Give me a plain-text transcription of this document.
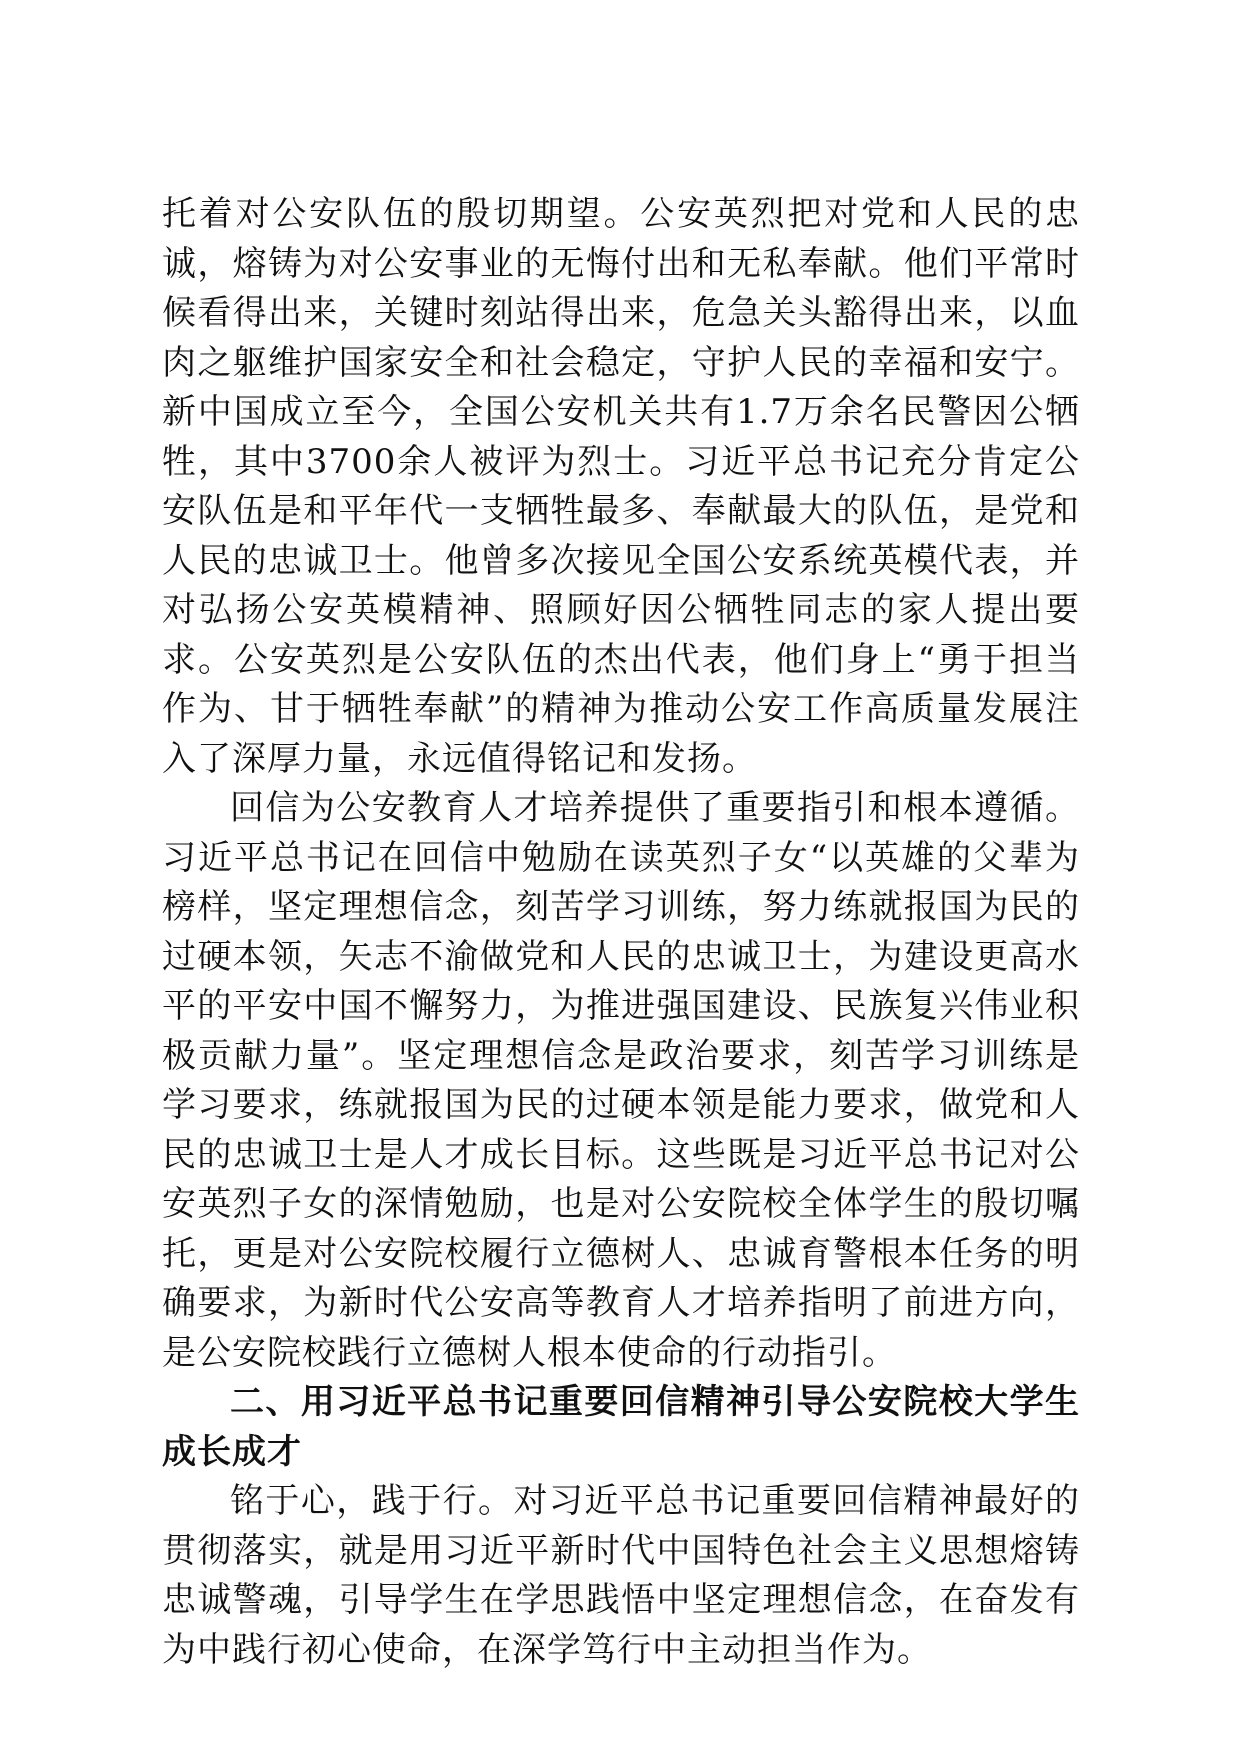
托着对公安队伍的殷切期望。公安英烈把对党和人民的忠诚，熔铸为对公安事业的无悔付出和无私奉献。他们平常时候看得出来，关键时刻站得出来，危急关头豁得出来，以血肉之躯维护国家安全和社会稳定，守护人民的幸福和安宁。新中国成立至今，全国公安机关共有1.7万余名民警因公牺牲，其中3700余人被评为烈士。习近平总书记充分肯定公安队伍是和平年代一支牺牲最多、奉献最大的队伍，是党和人民的忠诚卫士。他曾多次接见全国公安系统英模代表，并对弘扬公安英模精神、照顾好因公牺牲同志的家人提出要求。公安英烈是公安队伍的杰出代表，他们身上“勇于担当作为、甘于牺牲奉献”的精神为推动公安工作高质量发展注入了深厚力量，永远值得铭记和发扬。

回信为公安教育人才培养提供了重要指引和根本遵循。习近平总书记在回信中勉励在读英烈子女“以英雄的父辈为榜样，坚定理想信念，刻苦学习训练，努力练就报国为民的过硬本领，矢志不渝做党和人民的忠诚卫士，为建设更高水平的平安中国不懈努力，为推进强国建设、民族复兴伟业积极贡献力量”。坚定理想信念是政治要求，刻苦学习训练是学习要求，练就报国为民的过硬本领是能力要求，做党和人民的忠诚卫士是人才成长目标。这些既是习近平总书记对公安英烈子女的深情勉励，也是对公安院校全体学生的殷切嘱托，更是对公安院校履行立德树人、忠诚育警根本任务的明确要求，为新时代公安高等教育人才培养指明了前进方向，是公安院校践行立德树人根本使命的行动指引。

二、用习近平总书记重要回信精神引导公安院校大学生成长成才

铭于心，践于行。对习近平总书记重要回信精神最好的贯彻落实，就是用习近平新时代中国特色社会主义思想熔铸忠诚警魂，引导学生在学思践悟中坚定理想信念，在奋发有为中践行初心使命，在深学笃行中主动担当作为。
